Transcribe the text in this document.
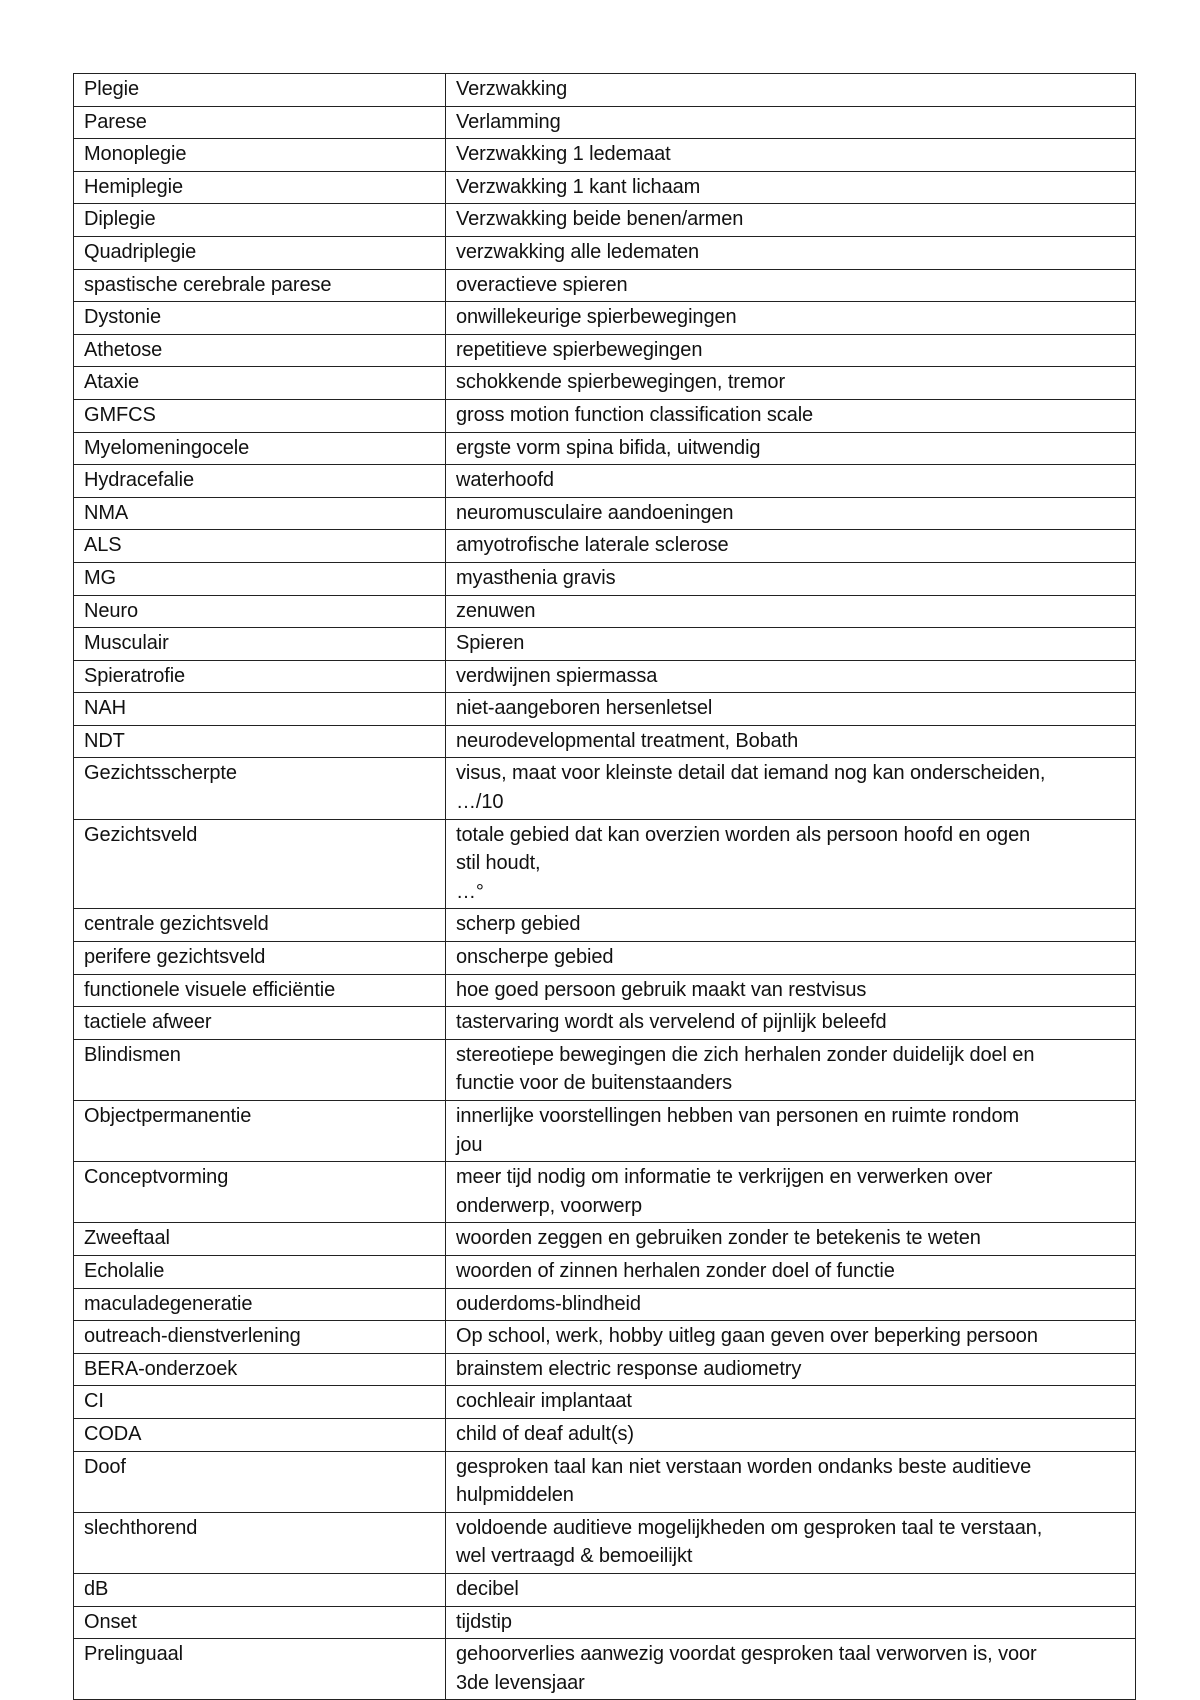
Plegie	Verzwakking

Parese	Verlamming

Monoplegie	Verzwakking 1 ledemaat

Hemiplegie	Verzwakking 1 kant lichaam

Diplegie	Verzwakking beide benen/armen

Quadriplegie	verzwakking alle ledematen

spastische cerebrale parese	overactieve spieren

Dystonie	onwillekeurige spierbewegingen

Athetose	repetitieve spierbewegingen

Ataxie	schokkende spierbewegingen, tremor

GMFCS	gross motion function classification scale

Myelomeningocele	ergste vorm spina bifida, uitwendig

Hydracefalie	waterhoofd

NMA	neuromusculaire aandoeningen

ALS	amyotrofische laterale sclerose

MG	myasthenia gravis

Neuro	zenuwen

Musculair	Spieren

Spieratrofie	verdwijnen spiermassa

NAH	niet-aangeboren hersenletsel

NDT	neurodevelopmental treatment, Bobath

Gezichtsscherpte	visus, maat voor kleinste detail dat iemand nog kan onderscheiden,
…/10

Gezichtsveld	totale gebied dat kan overzien worden als persoon hoofd en ogen
stil houdt,
…°

centrale gezichtsveld	scherp gebied

perifere gezichtsveld	onscherpe gebied

functionele visuele efficiëntie	hoe goed persoon gebruik maakt van restvisus

tactiele afweer	tastervaring wordt als vervelend of pijnlijk beleefd

Blindismen	stereotiepe bewegingen die zich herhalen zonder duidelijk doel en
functie voor de buitenstaanders

Objectpermanentie	innerlijke voorstellingen hebben van personen en ruimte rondom
jou

Conceptvorming	meer tijd nodig om informatie te verkrijgen en verwerken over
onderwerp, voorwerp

Zweeftaal	woorden zeggen en gebruiken zonder te betekenis te weten

Echolalie	woorden of zinnen herhalen zonder doel of functie

maculadegeneratie	ouderdoms-blindheid

outreach-dienstverlening	Op school, werk, hobby uitleg gaan geven over beperking persoon

BERA-onderzoek	brainstem electric response audiometry

CI	cochleair implantaat

CODA	child of deaf adult(s)

Doof	gesproken taal kan niet verstaan worden ondanks beste auditieve
hulpmiddelen

slechthorend	voldoende auditieve mogelijkheden om gesproken taal te verstaan,
wel vertraagd & bemoeilijkt

dB	decibel

Onset	tijdstip

Prelinguaal	gehoorverlies aanwezig voordat gesproken taal verworven is, voor
3de levensjaar
